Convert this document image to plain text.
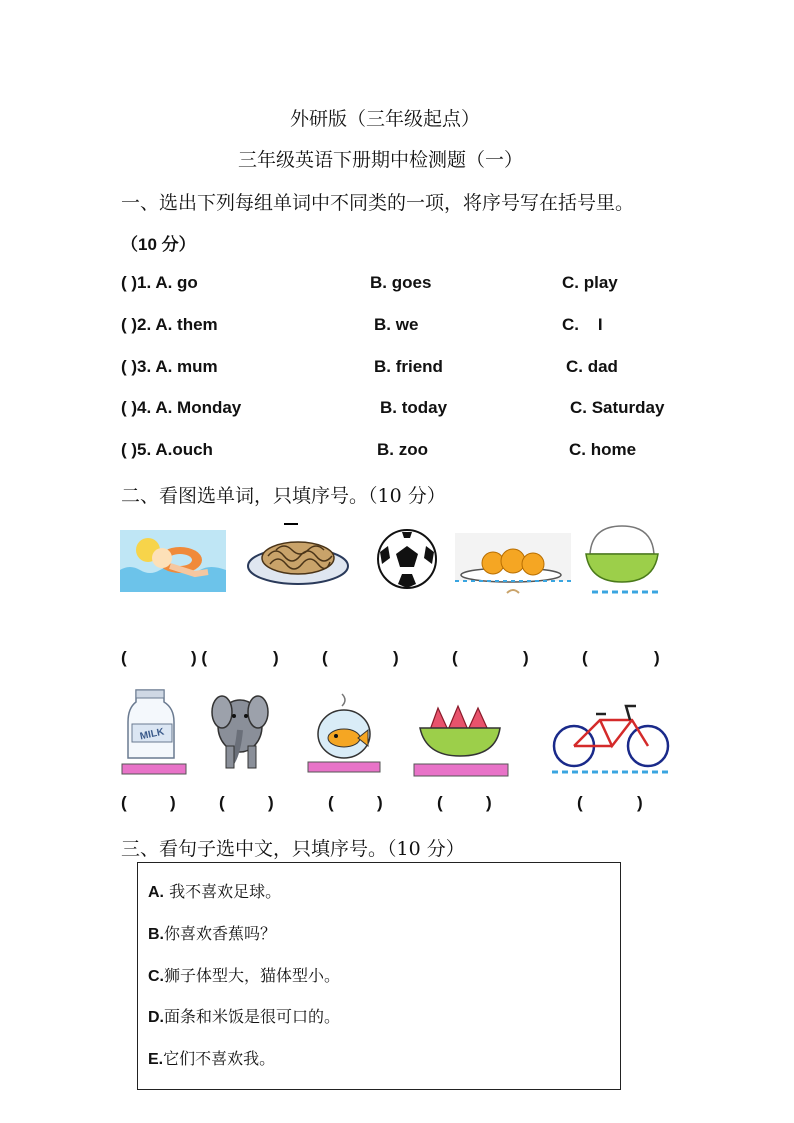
外研版（三年级起点）
三年级英语下册期中检测题（一）
一、选出下列每组单词中不同类的一项，将序号写在括号里。
（10 分）
( )1. A. go	B. goes	C. play
( )2. A. them	B. we	C.    I
( )3. A. mum	B. friend	C. dad
( )4. A. Monday	B. today	C. Saturday
( )5. A.ouch	B. zoo	C. home
二、看图选单词，只填序号。（10 分）
(	) (	)	(	)	(	)	(	)
MILK
(	)	(	)	(	)	(	)	(	)
三、看句子选中文，只填序号。（10 分）
A. 我不喜欢足球。
B.你喜欢香蕉吗？
C.狮子体型大，猫体型小。
D.面条和米饭是很可口的。
E.它们不喜欢我。
